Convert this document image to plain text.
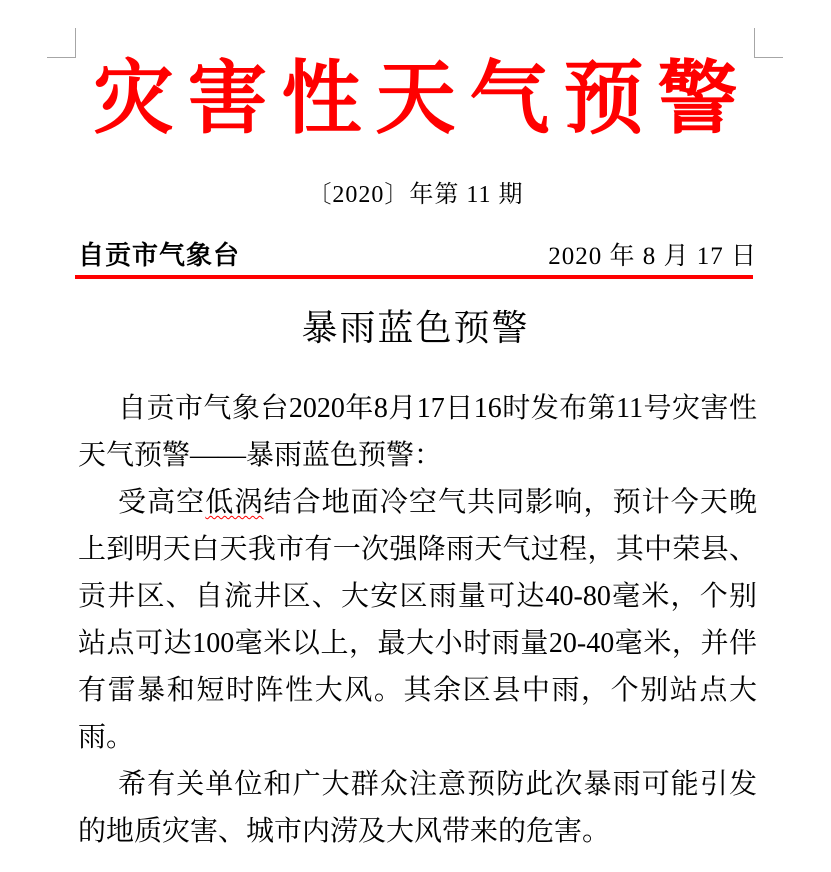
灾害性天气预警
〔2020〕年第 11 期
自贡市气象台	2020 年 8 月 17 日
暴雨蓝色预警

自贡市气象台2020年8月17日16时发布第11号灾害性天气预警——暴雨蓝色预警：

受高空低涡结合地面冷空气共同影响，预计今天晚上到明天白天我市有一次强降雨天气过程，其中荣县、贡井区、自流井区、大安区雨量可达40-80毫米，个别站点可达100毫米以上，最大小时雨量20-40毫米，并伴有雷暴和短时阵性大风。其余区县中雨，个别站点大雨。

希有关单位和广大群众注意预防此次暴雨可能引发的地质灾害、城市内涝及大风带来的危害。
